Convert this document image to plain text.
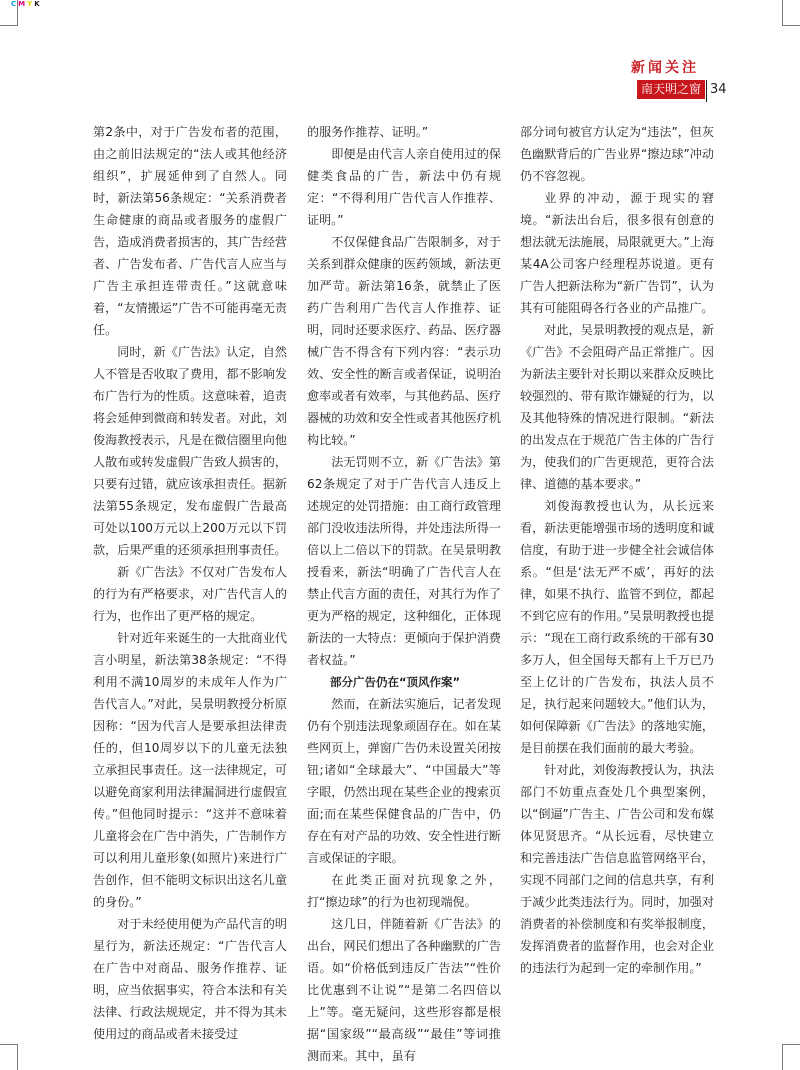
C M Y K
新闻关注
南天明之窗 34

第2条中，对于广告发布者的范围，由之前旧法规定的“法人或其他经济组织”，扩展延伸到了自然人。同时，新法第56条规定：“关系消费者生命健康的商品或者服务的虚假广告，造成消费者损害的，其广告经营者、广告发布者、广告代言人应当与广告主承担连带责任。”这就意味着，“友情搬运”广告不可能再毫无责任。

同时，新《广告法》认定，自然人不管是否收取了费用，都不影响发布广告行为的性质。这意味着，追责将会延伸到微商和转发者。对此，刘俊海教授表示，凡是在微信圈里向他人散布或转发虚假广告致人损害的，只要有过错，就应该承担责任。据新法第55条规定，发布虚假广告最高可处以100万元以上200万元以下罚款，后果严重的还须承担刑事责任。

新《广告法》不仅对广告发布人的行为有严格要求，对广告代言人的行为，也作出了更严格的规定。

针对近年来诞生的一大批商业代言小明星，新法第38条规定：“不得利用不满10周岁的未成年人作为广告代言人。”对此，吴景明教授分析原因称：“因为代言人是要承担法律责任的，但10周岁以下的儿童无法独立承担民事责任。这一法律规定，可以避免商家利用法律漏洞进行虚假宣传。”但他同时提示：“这并不意味着儿童将会在广告中消失，广告制作方可以利用儿童形象(如照片)来进行广告创作，但不能明文标识出这名儿童的身份。”

对于未经使用便为产品代言的明星行为，新法还规定：“广告代言人在广告中对商品、服务作推荐、证明，应当依据事实，符合本法和有关法律、行政法规规定，并不得为其未使用过的商品或者未接受过

的服务作推荐、证明。”

即便是由代言人亲自使用过的保健类食品的广告，新法中仍有规定：“不得利用广告代言人作推荐、证明。”

不仅保健食品广告限制多，对于关系到群众健康的医药领域，新法更加严苛。新法第16条，就禁止了医药广告利用广告代言人作推荐、证明，同时还要求医疗、药品、医疗器械广告不得含有下列内容：“表示功效、安全性的断言或者保证，说明治愈率或者有效率，与其他药品、医疗器械的功效和安全性或者其他医疗机构比较。”

法无罚则不立，新《广告法》第62条规定了对于广告代言人违反上述规定的处罚措施：由工商行政管理部门没收违法所得，并处违法所得一倍以上二倍以下的罚款。在吴景明教授看来，新法“明确了广告代言人在禁止代言方面的责任，对其行为作了更为严格的规定，这种细化，正体现新法的一大特点：更倾向于保护消费者权益。”

部分广告仍在“顶风作案”

然而，在新法实施后，记者发现仍有个别违法现象顽固存在。如在某些网页上，弹窗广告仍未设置关闭按钮;诸如“全球最大”、“中国最大”等字眼，仍然出现在某些企业的搜索页面;而在某些保健食品的广告中，仍存在有对产品的功效、安全性进行断言或保证的字眼。

在此类正面对抗现象之外，打“擦边球”的行为也初现端倪。

这几日，伴随着新《广告法》的出台，网民们想出了各种幽默的广告语。如“价格低到违反广告法”“性价比优惠到不让说”“是第二名四倍以上”等。毫无疑问，这些形容都是根据“国家级”“最高级”“最佳”等词推测而来。其中，虽有

部分词句被官方认定为“违法”，但灰色幽默背后的广告业界“擦边球”冲动仍不容忽视。

业界的冲动，源于现实的窘境。“新法出台后，很多很有创意的想法就无法施展，局限就更大。”上海某4A公司客户经理程苏说道。更有广告人把新法称为“新广告罚”，认为其有可能阻碍各行各业的产品推广。

对此，吴景明教授的观点是，新《广告》不会阻碍产品正常推广。因为新法主要针对长期以来群众反映比较强烈的、带有欺诈嫌疑的行为，以及其他特殊的情况进行限制。“新法的出发点在于规范广告主体的广告行为，使我们的广告更规范，更符合法律、道德的基本要求。”

刘俊海教授也认为，从长远来看，新法更能增强市场的透明度和诚信度，有助于进一步健全社会诚信体系。“但是‘法无严不威’，再好的法律，如果不执行、监管不到位，都起不到它应有的作用。”吴景明教授也提示：“现在工商行政系统的干部有30多万人，但全国每天都有上千万已乃至上亿计的广告发布，执法人员不足，执行起来问题较大。”他们认为，如何保障新《广告法》的落地实施，是目前摆在我们面前的最大考验。

针对此，刘俊海教授认为，执法部门不妨重点查处几个典型案例，以“倒逼”广告主、广告公司和发布媒体见贤思齐。“从长远看，尽快建立和完善违法广告信息监管网络平台，实现不同部门之间的信息共享，有利于减少此类违法行为。同时，加强对消费者的补偿制度和有奖举报制度，发挥消费者的监督作用，也会对企业的违法行为起到一定的牵制作用。”
